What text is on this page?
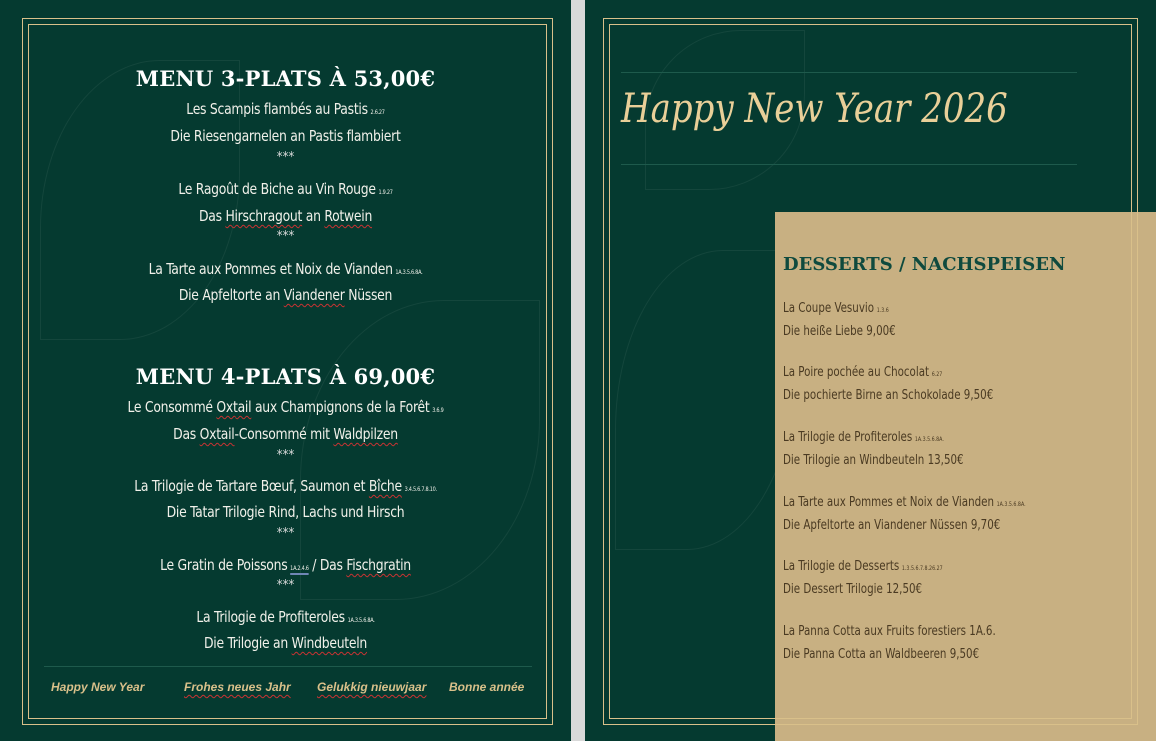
MENU 3-PLATS À 53,00€
Les Scampis flambés au Pastis 2.6.27
Die Riesengarnelen an Pastis flambiert
***
Le Ragoût de Biche au Vin Rouge 1.9.27
Das Hirschragout an Rotwein
***
La Tarte aux Pommes et Noix de Vianden 1A.3.5.6.8A.
Die Apfeltorte an Viandener Nüssen
MENU 4-PLATS À 69,00€
Le Consommé Oxtail aux Champignons de la Forêt 3.6.9
Das Oxtail-Consommé mit Waldpilzen
***
La Trilogie de Tartare Bœuf, Saumon et Bîche 3.4.5.6.7.8.10.
Die Tatar Trilogie Rind, Lachs und Hirsch
***
Le Gratin de Poissons 1A.2.4.6 / Das Fischgratin
***
La Trilogie de Profiteroles 1A.3.5.6.8A.
Die Trilogie an Windbeuteln
Happy New Year	Frohes neues Jahr Gelukkig nieuwjaar Bonne année
Happy New Year 2026
DESSERTS / NACHSPEISEN
La Coupe Vesuvio 1.3.6
Die heiße Liebe 9,00€
La Poire pochée au Chocolat 6.27
Die pochierte Birne an Schokolade 9,50€
La Trilogie de Profiteroles 1A.3.5.6.8A.
Die Trilogie an Windbeuteln 13,50€
La Tarte aux Pommes et Noix de Vianden 1A.3.5.6.8A.
Die Apfeltorte an Viandener Nüssen 9,70€
La Trilogie de Desserts 1.3.5.6.7.8.26.27
Die Dessert Trilogie 12,50€
La Panna Cotta aux Fruits forestiers 1A.6.
Die Panna Cotta an Waldbeeren 9,50€
